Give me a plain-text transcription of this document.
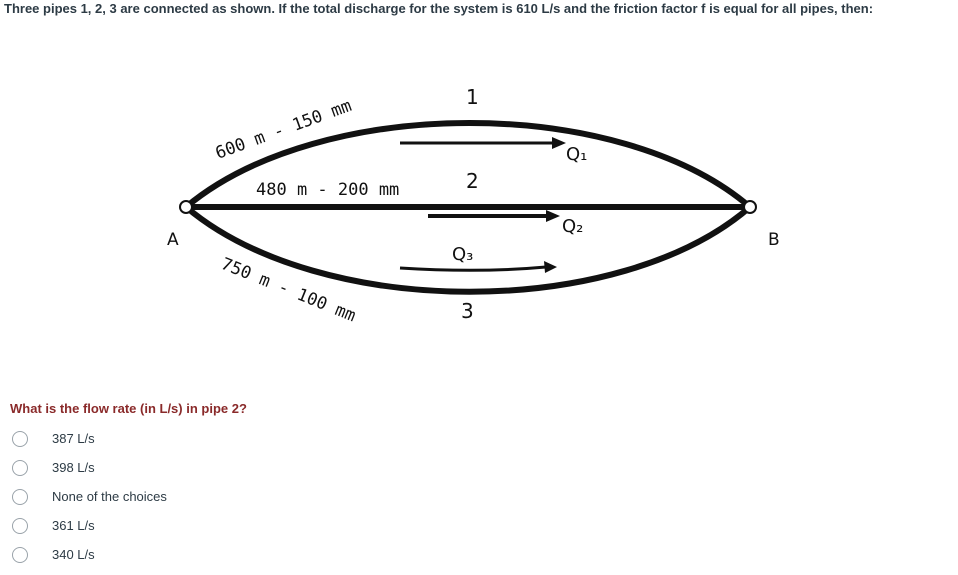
Three pipes 1, 2, 3 are connected as shown. If the total discharge for the system is 610 L/s and the friction factor f is equal for all pipes, then:
A	B
1
2
3
Q₁
Q₂
Q₃
600 m - 150 mm
480 m - 200 mm
750 m - 100 mm
What is the flow rate (in L/s) in pipe 2?
387 L/s
398 L/s
None of the choices
361 L/s
340 L/s
